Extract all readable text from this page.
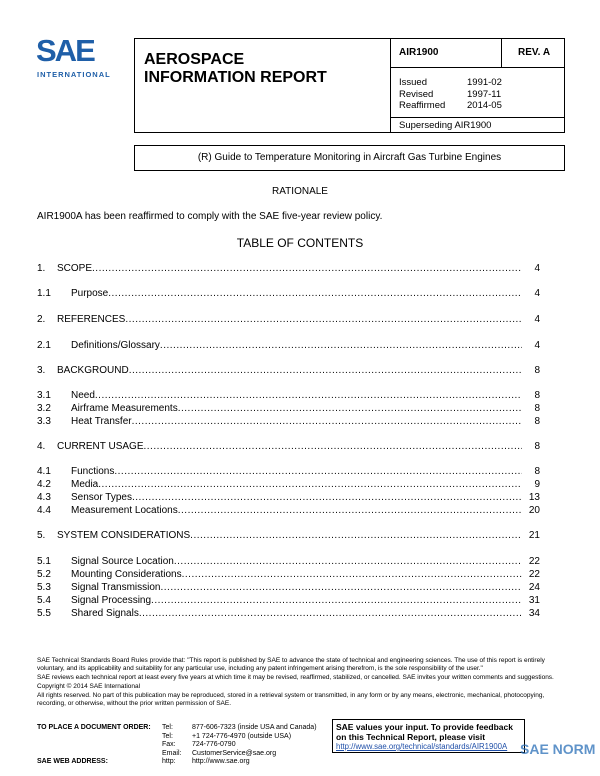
SAE
INTERNATIONAL
AEROSPACE
INFORMATION REPORT
AIR1900	REV. A
Issued	1991-02
Revised	1997-11
Reaffirmed	2014-05
Superseding AIR1900
(R) Guide to Temperature Monitoring in Aircraft Gas Turbine Engines
RATIONALE
AIR1900A has been reaffirmed to comply with the SAE five-year review policy.
TABLE OF CONTENTS
1.	SCOPE .....	4
1.1	Purpose .....	4
2.	REFERENCES .....	4
2.1	Definitions/Glossary .....	4
3.	BACKGROUND .....	8
3.1	Need .....	8
3.2	Airframe Measurements .....	8
3.3	Heat Transfer .....	8
4.	CURRENT USAGE .....	8
4.1	Functions .....	8
4.2	Media .....	9
4.3	Sensor Types .....	13
4.4	Measurement Locations .....	20
5.	SYSTEM CONSIDERATIONS .....	21
5.1	Signal Source Location .....	22
5.2	Mounting Considerations .....	22
5.3	Signal Transmission .....	24
5.4	Signal Processing .....	31
5.5	Shared Signals .....	34

SAE Technical Standards Board Rules provide that: "This report is published by SAE to advance the state of technical and engineering sciences. The use of this report is entirely voluntary, and its applicability and suitability for any particular use, including any patent infringement arising therefrom, is the sole responsibility of the user."

SAE reviews each technical report at least every five years at which time it may be revised, reaffirmed, stabilized, or cancelled. SAE invites your written comments and suggestions.

Copyright © 2014 SAE International

All rights reserved. No part of this publication may be reproduced, stored in a retrieval system or transmitted, in any form or by any means, electronic, mechanical, photocopying, recording, or otherwise, without the prior written permission of SAE.

TO PLACE A DOCUMENT ORDER:	Tel:	877-606-7323 (inside USA and Canada)
Tel:	+1 724-776-4970 (outside USA)
Fax:	724-776-0790
Email:	CustomerService@sae.org
http:	http://www.sae.org
SAE WEB ADDRESS:
SAE values your input. To provide feedback
on this Technical Report, please visit
http://www.sae.org/technical/standards/AIR1900A SAE NORM
